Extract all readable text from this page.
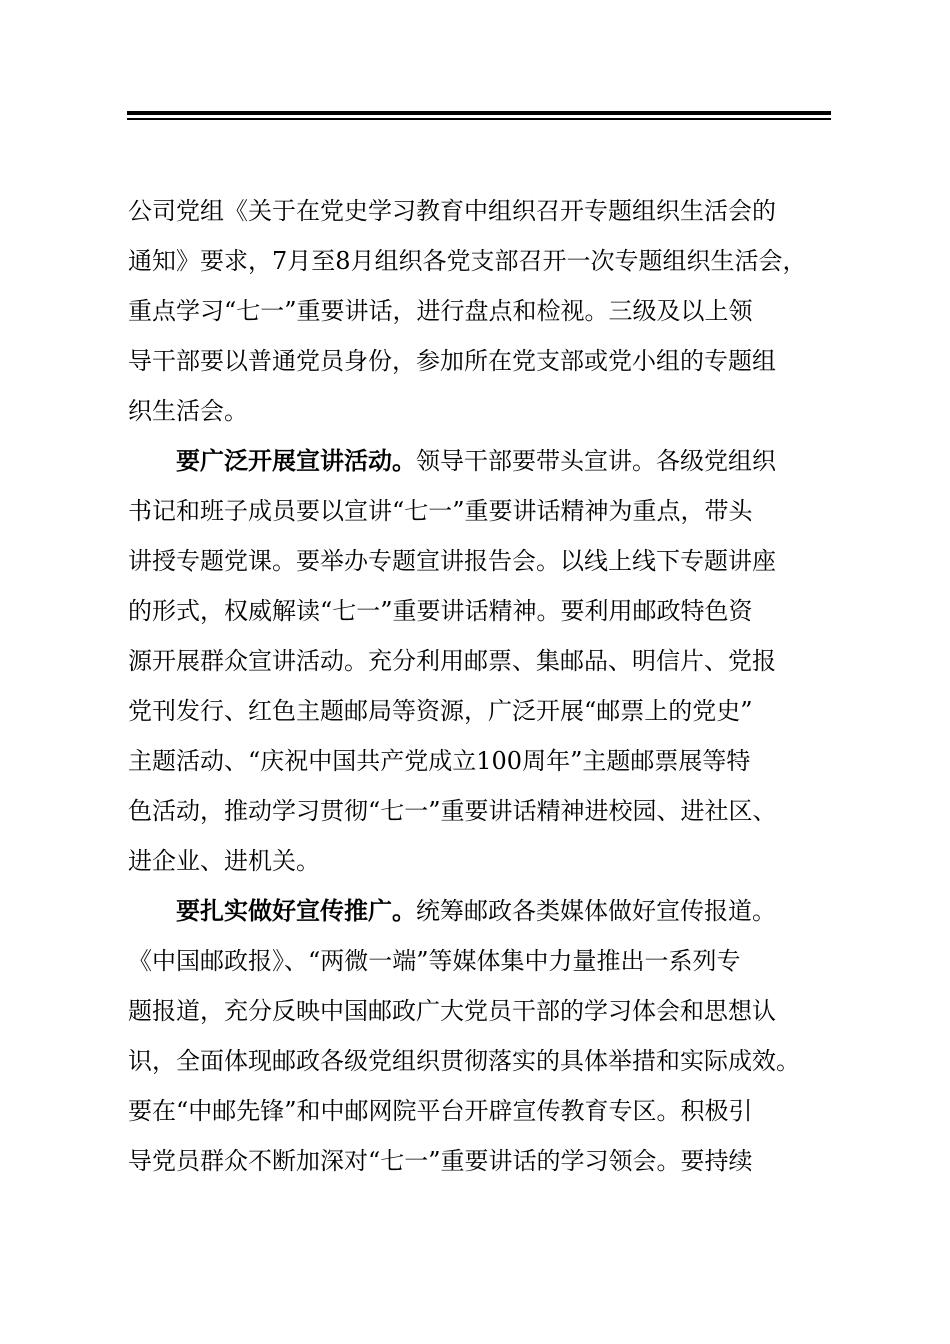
公司党组《关于在党史学习教育中组织召开专题组织生活会的
通知》要求，7月至8月组织各党支部召开一次专题组织生活会，
重点学习“七一”重要讲话，进行盘点和检视。三级及以上领
导干部要以普通党员身份，参加所在党支部或党小组的专题组
织生活会。
要广泛开展宣讲活动。领导干部要带头宣讲。各级党组织
书记和班子成员要以宣讲“七一”重要讲话精神为重点，带头
讲授专题党课。要举办专题宣讲报告会。以线上线下专题讲座
的形式，权威解读“七一”重要讲话精神。要利用邮政特色资
源开展群众宣讲活动。充分利用邮票、集邮品、明信片、党报
党刊发行、红色主题邮局等资源，广泛开展“邮票上的党史”
主题活动、“庆祝中国共产党成立100周年”主题邮票展等特
色活动，推动学习贯彻“七一”重要讲话精神进校园、进社区、
进企业、进机关。
要扎实做好宣传推广。统筹邮政各类媒体做好宣传报道。
《中国邮政报》、“两微一端”等媒体集中力量推出一系列专
题报道，充分反映中国邮政广大党员干部的学习体会和思想认
识，全面体现邮政各级党组织贯彻落实的具体举措和实际成效。
要在“中邮先锋”和中邮网院平台开辟宣传教育专区。积极引
导党员群众不断加深对“七一”重要讲话的学习领会。要持续
